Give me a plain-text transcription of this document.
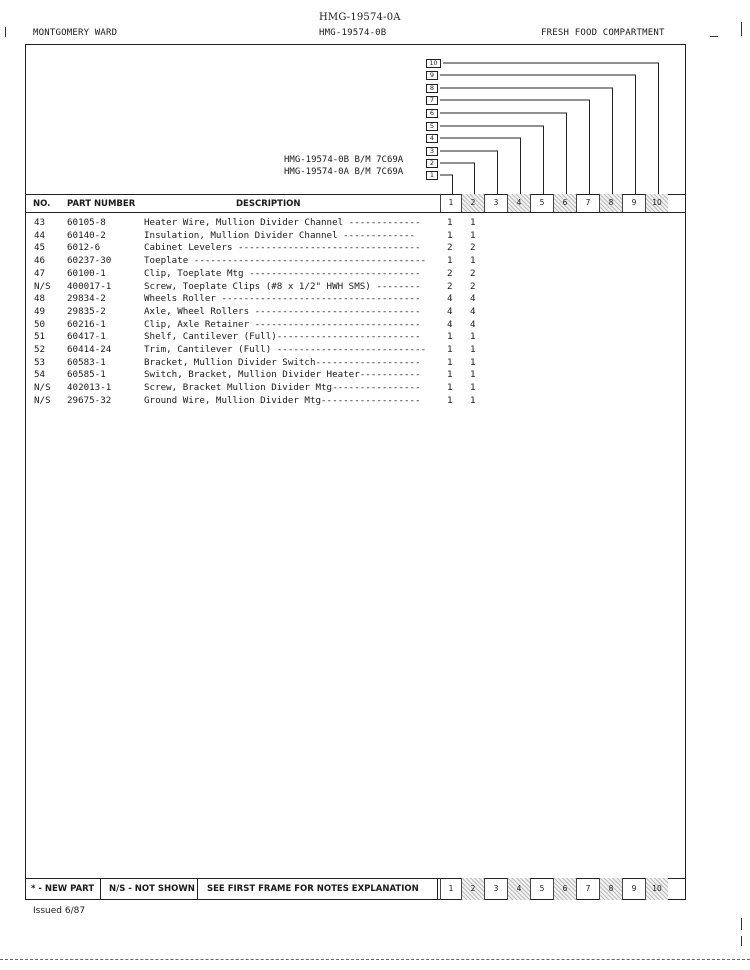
MONTGOMERY WARD
HMG-19574-0A
HMG-19574-0B	FRESH FOOD COMPARTMENT
1
2
3
4
5
6
7
8
9
10
HMG-19574-0B B/M 7C69A
HMG-19574-0A B/M 7C69A
NO. PART NUMBER	DESCRIPTION	1	2	3	4	5	6	7	8	9	10
43 60105-8	Heater Wire, Mullion Divider Channel -------------	1 1
44 60140-2	Insulation, Mullion Divider Channel -------------	1 1
45 6012-6	Cabinet Levelers ---------------------------------	2 2
46 60237-30	Toeplate ------------------------------------------ 1 1
47 60100-1	Clip, Toeplate Mtg -------------------------------	2 2
N/S 400017-1	Screw, Toeplate Clips (#8 x 1/2" HWH SMS) --------	2 2
48 29834-2	Wheels Roller ------------------------------------	4 4
49 29835-2	Axle, Wheel Rollers ------------------------------	4 4
50 60216-1	Clip, Axle Retainer ------------------------------	4 4
51 60417-1	Shelf, Cantilever (Full)--------------------------	1 1
52 60414-24	Trim, Cantilever (Full) --------------------------- 1 1
53 60583-1	Bracket, Mullion Divider Switch-------------------	1 1
54 60585-1	Switch, Bracket, Mullion Divider Heater-----------	1 1
N/S 402013-1	Screw, Bracket Mullion Divider Mtg----------------	1 1
N/S 29675-32	Ground Wire, Mullion Divider Mtg------------------	1 1
* - NEW PART	N/S - NOT SHOWN	SEE FIRST FRAME FOR NOTES EXPLANATION	1	2	3	4	5	6	7	8	9	10
Issued 6/87
